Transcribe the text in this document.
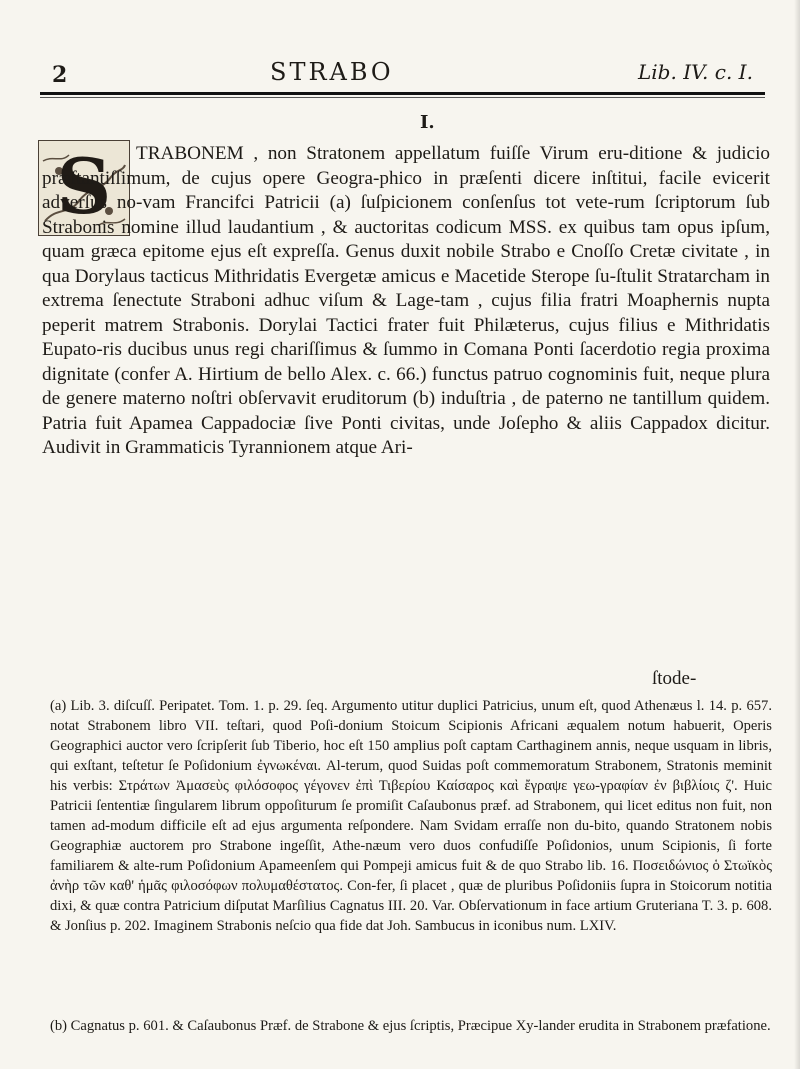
2	STRABO	Lib. IV. c. I.
I.
S	TRABONEM , non Stratonem appellatum fuiſſe Virum eru-ditione & judicio præſtantiſſimum, de cujus opere Geogra-phico in præſenti dicere inſtitui, facile evicerit adverſus no-vam Francifci Patricii (a) ſuſpicionem conſenſus tot vete-rum ſcriptorum ſub Strabonis nomine illud laudantium , & auctoritas codicum MSS. ex quibus tam opus ipſum, quam græca epitome ejus eſt expreſſa. Genus duxit nobile Strabo e Cnoſſo Cretæ civitate , in qua Dorylaus tacticus Mithridatis Evergetæ amicus e Macetide Sterope ſu-ſtulit Stratarcham in extrema ſenectute Straboni adhuc viſum & Lage-tam , cujus filia fratri Moaphernis nupta peperit matrem Strabonis. Dorylai Tactici frater fuit Philæterus, cujus filius e Mithridatis Eupato-ris ducibus unus regi chariſſimus & ſummo in Comana Ponti ſacerdotio regia proxima dignitate (confer A. Hirtium de bello Alex. c. 66.) functus patruo cognominis fuit, neque plura de genere materno noſtri obſervavit eruditorum (b) induſtria , de paterno ne tantillum quidem. Patria fuit Apamea Cappadociæ ſive Ponti civitas, unde Joſepho & aliis Cappadox dicitur. Audivit in Grammaticis Tyrannionem atque Ari-
ſtode-
(a) Lib. 3. diſcuſſ. Peripatet. Tom. 1. p. 29. ſeq. Argumento utitur duplici Patricius, unum eſt, quod Athenæus l. 14. p. 657. notat Strabonem libro VII. teſtari, quod Poſi-donium Stoicum Scipionis Africani æqualem notum habuerit, Operis Geographici auctor vero ſcripſerit ſub Tiberio, hoc eſt 150 amplius poſt captam Carthaginem annis, neque usquam in libris, qui exſtant, teſtetur ſe Poſidonium ἐγνωκέναι. Al-terum, quod Suidas poſt commemoratum Strabonem, Stratonis meminit his verbis: Στράτων Ἀμασεὺς φιλόσοφος γέγονεν ἐπὶ Τιβερίου Καίσαρος καὶ ἔγραψε γεω-γραφίαν ἐν βιβλίοις ζ'. Huic Patricii ſententiæ ſingularem librum oppoſiturum ſe promiſit Caſaubonus præf. ad Strabonem, qui licet editus non fuit, non tamen ad-modum difficile eſt ad ejus argumenta reſpondere. Nam Svidam erraſſe non du-bito, quando Stratonem nobis Geographiæ auctorem pro Strabone ingeſſit, Athe-næum vero duos confudiſſe Poſidonios, unum Scipionis, ſi forte familiarem & alte-rum Poſidonium Apameenſem qui Pompeji amicus fuit & de quo Strabo lib. 16. Ποσειδώνιος ὁ Στωϊκὸς ἀνὴρ τῶν καθ' ἡμᾶς φιλοσόφων πολυμαθέστατος. Con-fer, ſi placet , quæ de pluribus Poſidoniis ſupra in Stoicorum notitia dixi, & quæ contra Patricium diſputat Marſilius Cagnatus III. 20. Var. Obſervationum in face artium Gruteriana T. 3. p. 608. & Jonſius p. 202. Imaginem Strabonis neſcio qua fide dat Joh. Sambucus in iconibus num. LXIV.
(b) Cagnatus p. 601. & Caſaubonus Præf. de Strabone & ejus ſcriptis, Præcipue Xy-lander erudita in Strabonem præfatione.
